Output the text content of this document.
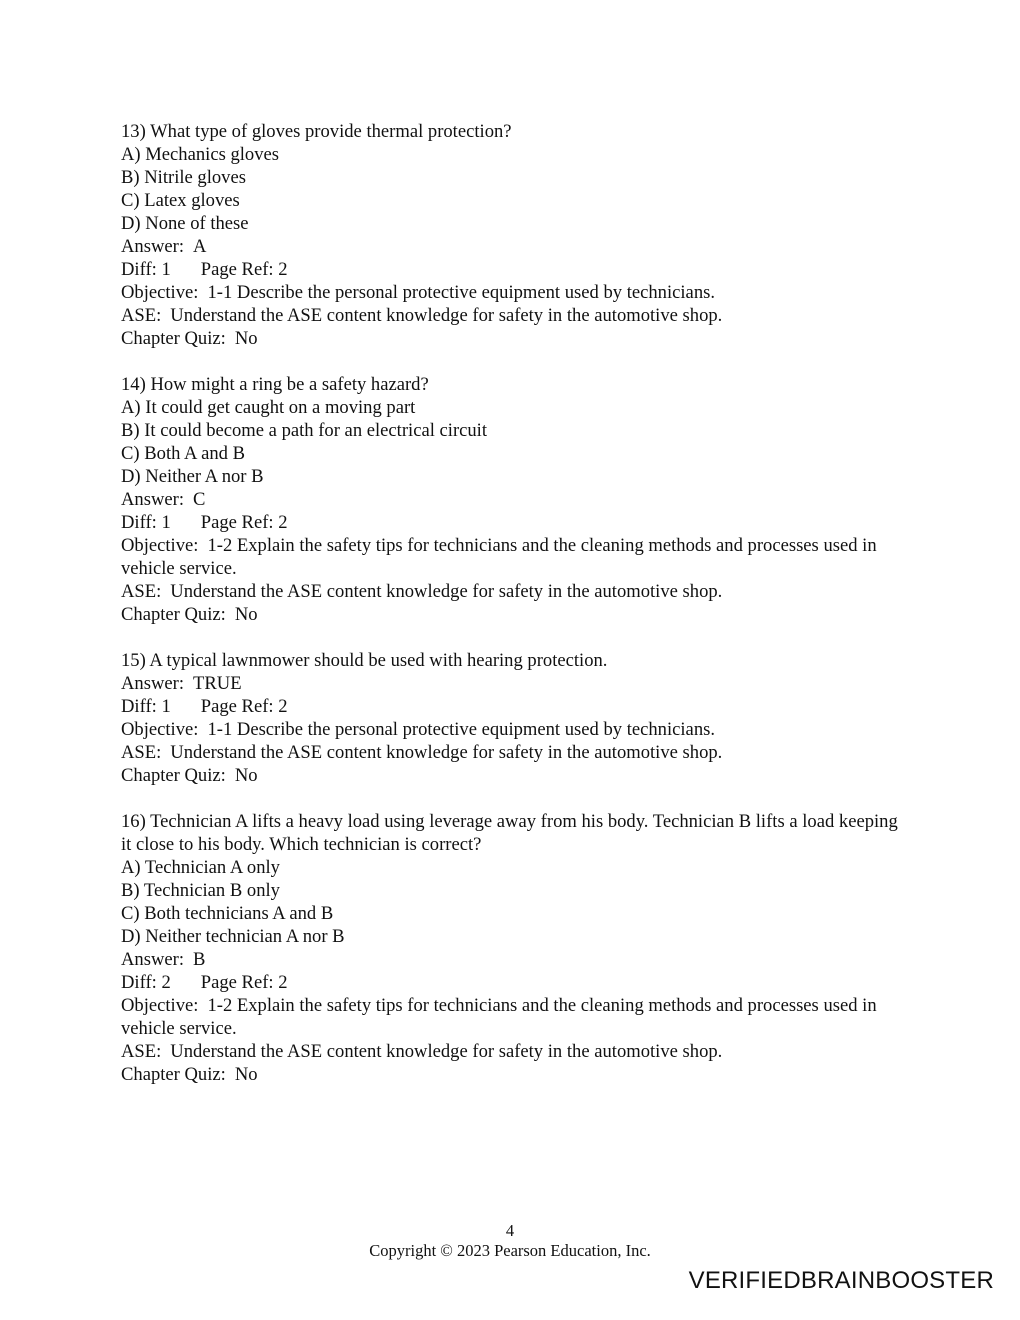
13) What type of gloves provide thermal protection?
A) Mechanics gloves
B) Nitrile gloves
C) Latex gloves
D) None of these
Answer: A
Diff: 1 Page Ref: 2
Objective: 1-1 Describe the personal protective equipment used by technicians.
ASE: Understand the ASE content knowledge for safety in the automotive shop.
Chapter Quiz: No
14) How might a ring be a safety hazard?
A) It could get caught on a moving part
B) It could become a path for an electrical circuit
C) Both A and B
D) Neither A nor B
Answer: C
Diff: 1 Page Ref: 2
Objective: 1-2 Explain the safety tips for technicians and the cleaning methods and processes used in vehicle service.
ASE: Understand the ASE content knowledge for safety in the automotive shop.
Chapter Quiz: No
15) A typical lawnmower should be used with hearing protection.
Answer: TRUE
Diff: 1 Page Ref: 2
Objective: 1-1 Describe the personal protective equipment used by technicians.
ASE: Understand the ASE content knowledge for safety in the automotive shop.
Chapter Quiz: No
16) Technician A lifts a heavy load using leverage away from his body. Technician B lifts a load keeping it close to his body. Which technician is correct?
A) Technician A only
B) Technician B only
C) Both technicians A and B
D) Neither technician A nor B
Answer: B
Diff: 2 Page Ref: 2
Objective: 1-2 Explain the safety tips for technicians and the cleaning methods and processes used in vehicle service.
ASE: Understand the ASE content knowledge for safety in the automotive shop.
Chapter Quiz: No
4
Copyright © 2023 Pearson Education, Inc.
VERIFIEDBRAINBOOSTER
